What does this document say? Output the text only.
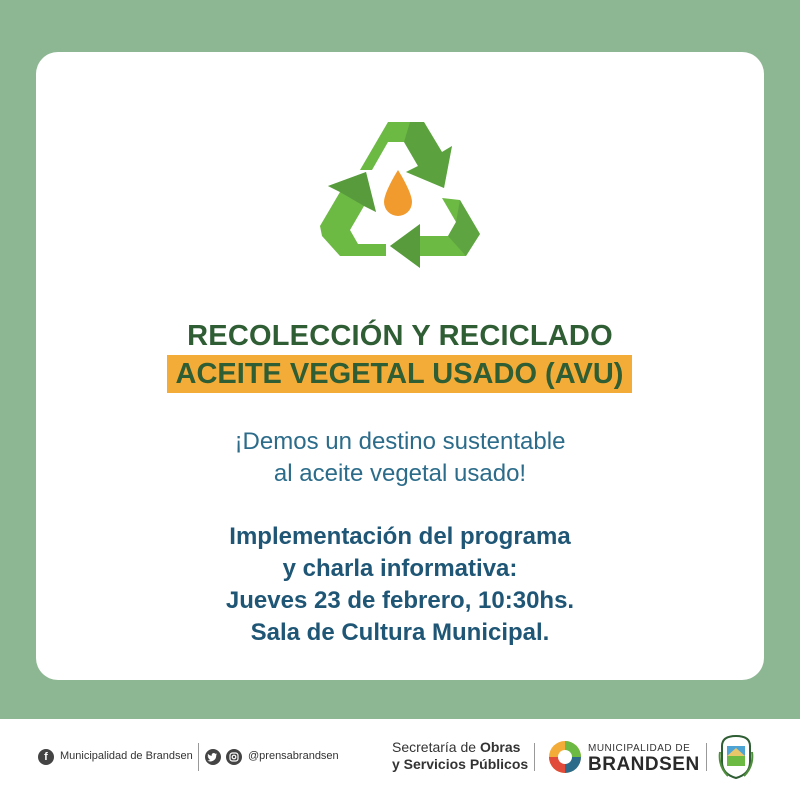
RECOLECCIÓN Y RECICLADO
ACEITE VEGETAL USADO (AVU)
¡Demos un destino sustentable
al aceite vegetal usado!
Implementación del programa
y charla informativa:
Jueves 23 de febrero, 10:30hs.
Sala de Cultura Municipal.
f	Municipalidad de Brandsen	@prensabrandsen
Secretaría de Obras
y Servicios Públicos
MUNICIPALIDAD DE
BRANDSEN
